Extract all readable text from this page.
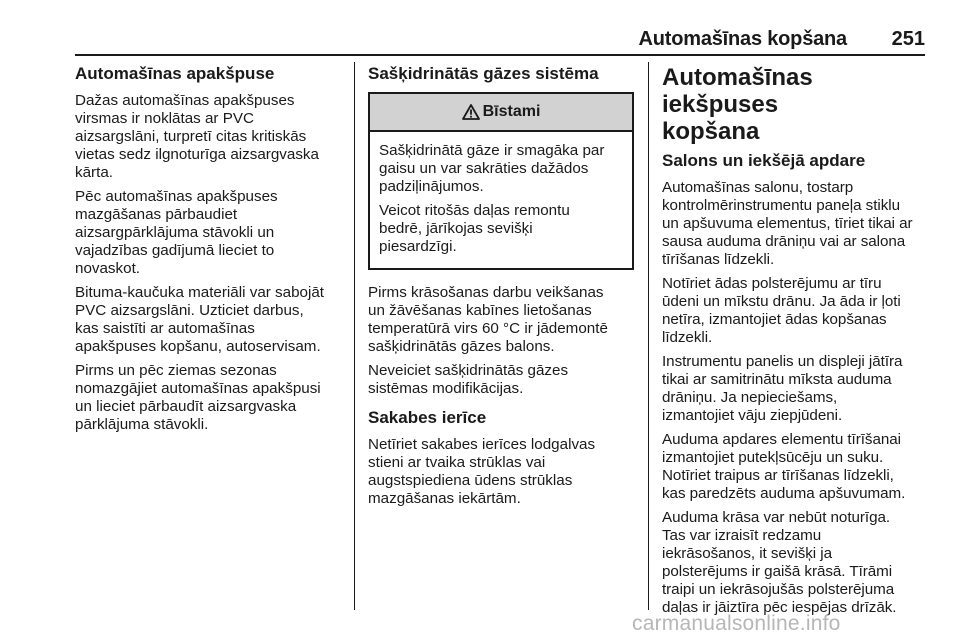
Automašīnas kopšana 251
Automašīnas apakšpuse

Dažas automašīnas apakšpuses
virsmas ir noklātas ar PVC
aizsargslāni, turpretī citas kritiskās
vietas sedz ilgnoturīga aizsargvaska
kārta.

Pēc automašīnas apakšpuses
mazgāšanas pārbaudiet
aizsargpārklājuma stāvokli un
vajadzības gadījumā lieciet to
novaskot.

Bituma-kaučuka materiāli var sabojāt
PVC aizsargslāni. Uzticiet darbus,
kas saistīti ar automašīnas
apakšpuses kopšanu, autoservisam.

Pirms un pēc ziemas sezonas
nomazgājiet automašīnas apakšpusi
un lieciet pārbaudīt aizsargvaska
pārklājuma stāvokli.

Sašķidrinātās gāzes sistēma
Bīstami

Sašķidrinātā gāze ir smagāka par
gaisu un var sakrāties dažādos
padziļinājumos.

Veicot ritošās daļas remontu
bedrē, jārīkojas sevišķi
piesardzīgi.

Pirms krāsošanas darbu veikšanas
un žāvēšanas kabīnes lietošanas
temperatūrā virs 60 °C ir jādemontē
sašķidrinātās gāzes balons.

Neveiciet sašķidrinātās gāzes
sistēmas modifikācijas.

Sakabes ierīce

Netīriet sakabes ierīces lodgalvas
stieni ar tvaika strūklas vai
augstspiediena ūdens strūklas
mazgāšanas iekārtām.

Automašīnas iekšpuses
kopšana
Salons un iekšējā apdare

Automašīnas salonu, tostarp
kontrolmērinstrumentu paneļa stiklu
un apšuvuma elementus, tīriet tikai ar
sausa auduma drāniņu vai ar salona
tīrīšanas līdzekli.

Notīriet ādas polsterējumu ar tīru
ūdeni un mīkstu drānu. Ja āda ir ļoti
netīra, izmantojiet ādas kopšanas
līdzekli.

Instrumentu panelis un displeji jātīra
tikai ar samitrinātu mīksta auduma
drāniņu. Ja nepieciešams,
izmantojiet vāju ziepjūdeni.

Auduma apdares elementu tīrīšanai
izmantojiet putekļsūcēju un suku.
Notīriet traipus ar tīrīšanas līdzekli,
kas paredzēts auduma apšuvumam.

Auduma krāsa var nebūt noturīga.
Tas var izraisīt redzamu
iekrāsošanos, it sevišķi ja
polsterējums ir gaišā krāsā. Tīrāmi
traipi un iekrāsojušās polsterējuma
daļas ir jāiztīra pēc iespējas drīzāk.

carmanualsonline.info
